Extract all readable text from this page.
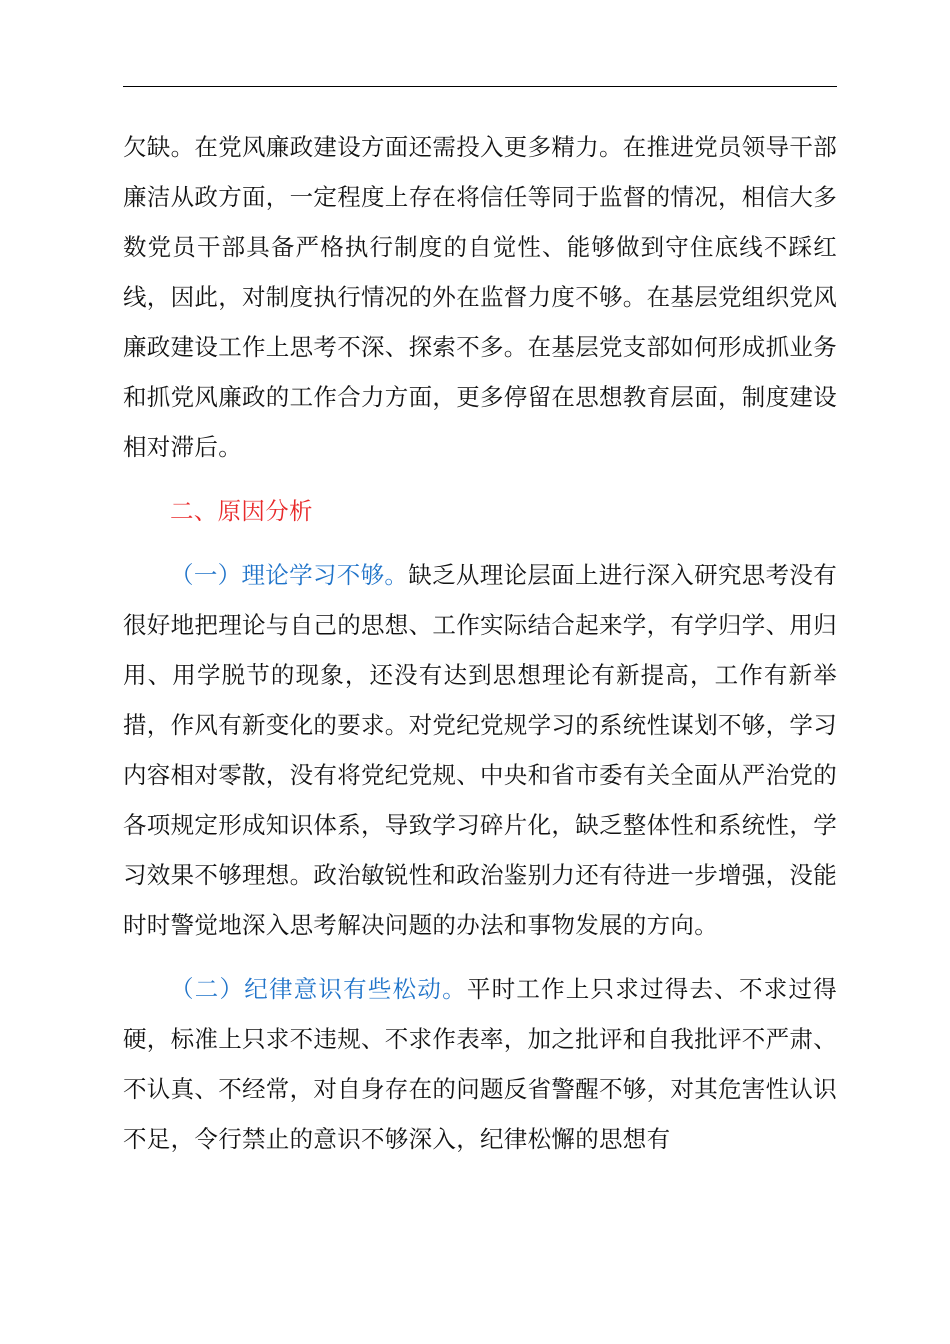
欠缺。在党风廉政建设方面还需投入更多精力。在推进党员领导干部廉洁从政方面，一定程度上存在将信任等同于监督的情况，相信大多数党员干部具备严格执行制度的自觉性、能够做到守住底线不踩红线，因此，对制度执行情况的外在监督力度不够。在基层党组织党风廉政建设工作上思考不深、探索不多。在基层党支部如何形成抓业务和抓党风廉政的工作合力方面，更多停留在思想教育层面，制度建设相对滞后。

二、原因分析

（一）理论学习不够。缺乏从理论层面上进行深入研究思考没有很好地把理论与自己的思想、工作实际结合起来学，有学归学、用归用、用学脱节的现象，还没有达到思想理论有新提高，工作有新举措，作风有新变化的要求。对党纪党规学习的系统性谋划不够，学习内容相对零散，没有将党纪党规、中央和省市委有关全面从严治党的各项规定形成知识体系，导致学习碎片化，缺乏整体性和系统性，学习效果不够理想。政治敏锐性和政治鉴别力还有待进一步增强，没能时时警觉地深入思考解决问题的办法和事物发展的方向。

（二）纪律意识有些松动。平时工作上只求过得去、不求过得硬，标准上只求不违规、不求作表率，加之批评和自我批评不严肃、不认真、不经常，对自身存在的问题反省警醒不够，对其危害性认识不足，令行禁止的意识不够深入，纪律松懈的思想有
